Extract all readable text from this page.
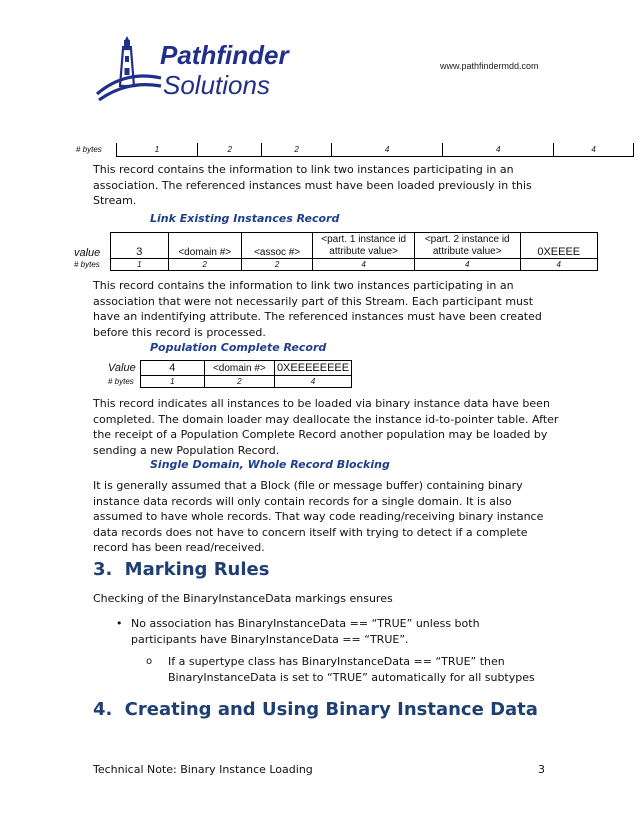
Pathfinder
Solutions
www.pathfindermdd.com
# bytes	1	2	2	4	4	4
This record contains the information to link two instances participating in an association. The referenced instances must have been loaded previously in this Stream.
Link Existing Instances Record
value	3	<domain #>	<assoc #>	<part. 1 instance id attribute value>	<part. 2 instance id attribute value>	0XEEEE
# bytes	1	2	2	4	4	4
This record contains the information to link two instances participating in an association that were not necessarily part of this Stream. Each participant must have an indentifying attribute. The referenced instances must have been created before this record is processed.
Population Complete Record
Value	4	<domain #>	0XEEEEEEEE
# bytes	1	2	4
This record indicates all instances to be loaded via binary instance data have been completed. The domain loader may deallocate the instance id-to-pointer table. After the receipt of a Population Complete Record another population may be loaded by sending a new Population Record.
Single Domain, Whole Record Blocking
It is generally assumed that a Block (file or message buffer) containing binary instance data records will only contain records for a single domain. It is also assumed to have whole records. That way code reading/receiving binary instance data records does not have to concern itself with trying to detect if a complete record has been read/received.
3. Marking Rules
Checking of the BinaryInstanceData markings ensures
• No association has BinaryInstanceData == “TRUE” unless both participants have BinaryInstanceData == “TRUE”.
o If a supertype class has BinaryInstanceData == “TRUE” then BinaryInstanceData is set to “TRUE” automatically for all subtypes
4. Creating and Using Binary Instance Data
Technical Note: Binary Instance Loading	3
